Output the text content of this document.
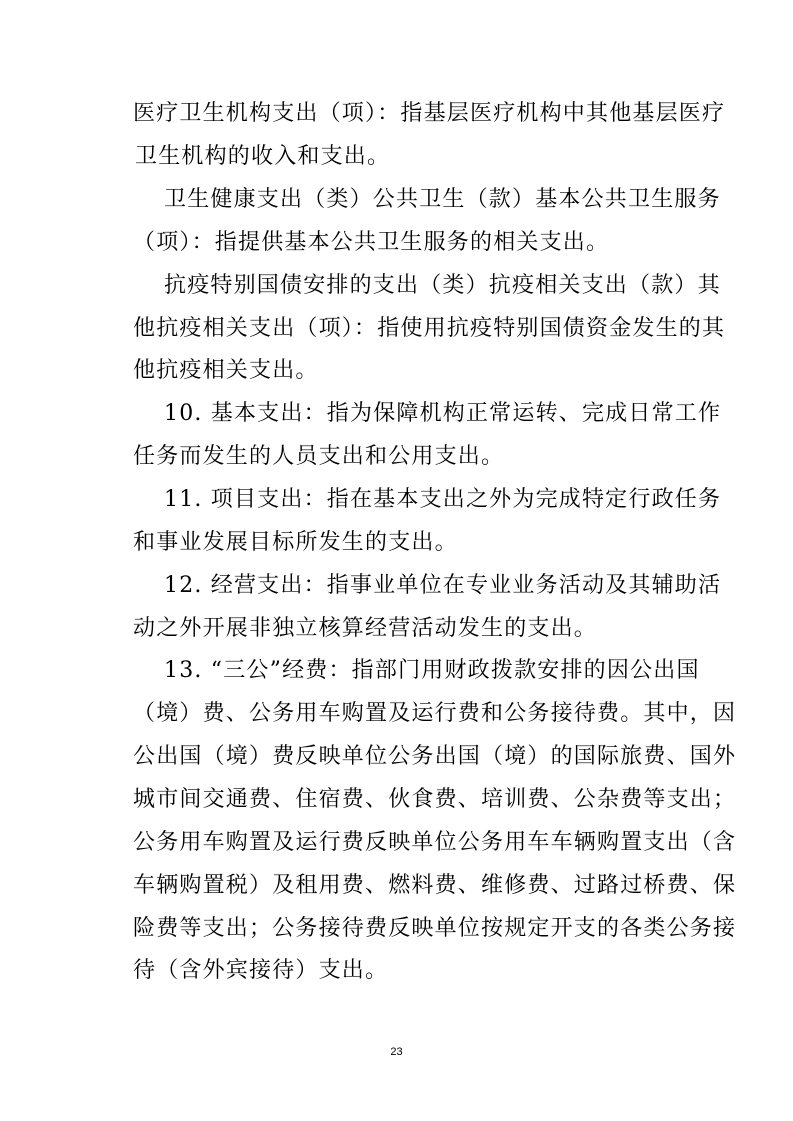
医疗卫生机构支出（项）：指基层医疗机构中其他基层医疗
卫生机构的收入和支出。
卫生健康支出（类）公共卫生（款）基本公共卫生服务
（项）：指提供基本公共卫生服务的相关支出。
抗疫特别国债安排的支出（类）抗疫相关支出（款）其
他抗疫相关支出（项）：指使用抗疫特别国债资金发生的其
他抗疫相关支出。
10. 基本支出：指为保障机构正常运转、完成日常工作
任务而发生的人员支出和公用支出。
11. 项目支出：指在基本支出之外为完成特定行政任务
和事业发展目标所发生的支出。
12. 经营支出：指事业单位在专业业务活动及其辅助活
动之外开展非独立核算经营活动发生的支出。
13. “三公”经费：指部门用财政拨款安排的因公出国
（境）费、公务用车购置及运行费和公务接待费。其中，因
公出国（境）费反映单位公务出国（境）的国际旅费、国外
城市间交通费、住宿费、伙食费、培训费、公杂费等支出；
公务用车购置及运行费反映单位公务用车车辆购置支出（含
车辆购置税）及租用费、燃料费、维修费、过路过桥费、保
险费等支出；公务接待费反映单位按规定开支的各类公务接
待（含外宾接待）支出。
23
